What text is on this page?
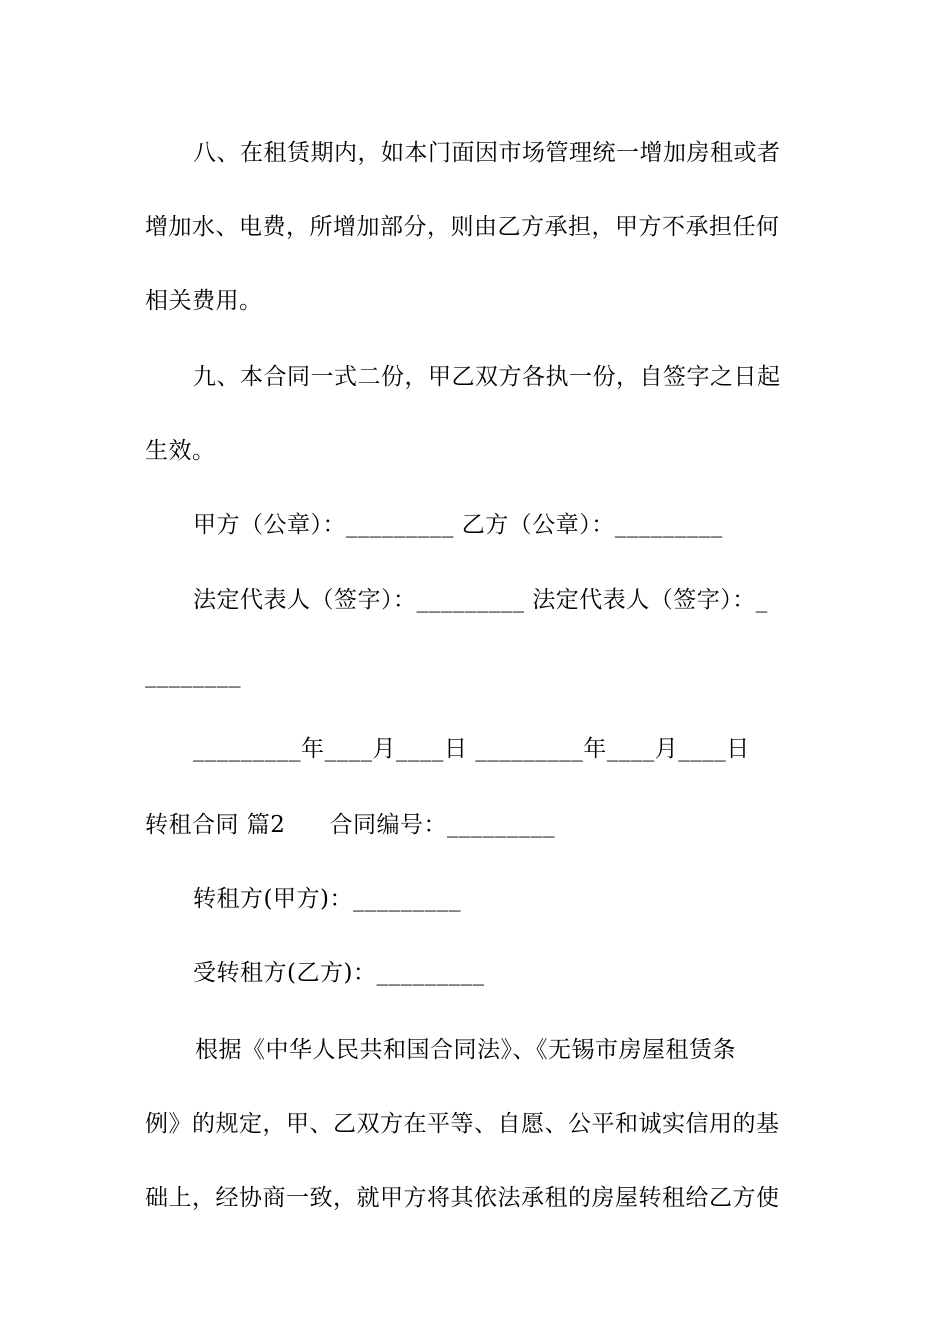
八、在租赁期内，如本门面因市场管理统一增加房租或者
增加水、电费，所增加部分，则由乙方承担，甲方不承担任何
相关费用。
九、本合同一式二份，甲乙双方各执一份，自签字之日起
生效。
甲方（公章）：_________ 乙方（公章）：_________
法定代表人（签字）：_________ 法定代表人（签字）：_
________
_________年____月____日 _________年____月____日
转租合同 篇2 合同编号：_________
转租方(甲方)：_________
受转租方(乙方)：_________
根据《中华人民共和国合同法》、《无锡市房屋租赁条
例》的规定，甲、乙双方在平等、自愿、公平和诚实信用的基
础上，经协商一致，就甲方将其依法承租的房屋转租给乙方使
